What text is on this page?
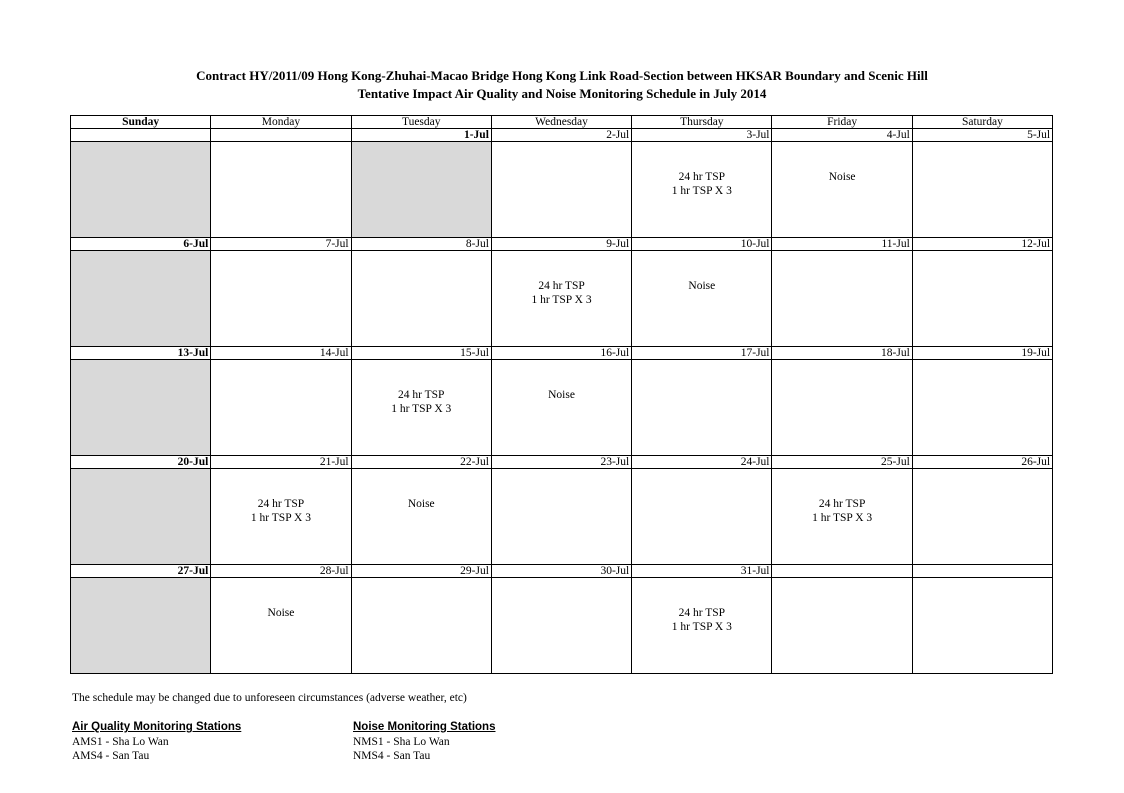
Contract HY/2011/09 Hong Kong-Zhuhai-Macao Bridge Hong Kong Link Road-Section between HKSAR Boundary and Scenic Hill
Tentative Impact Air Quality and Noise Monitoring Schedule in July 2014
Sunday	Monday	Tuesday	Wednesday	Thursday	Friday	Saturday
		1-Jul	2-Jul	3-Jul	4-Jul	5-Jul

				24 hr TSP
1 hr TSP X 3	Noise	

6-Jul	7-Jul	8-Jul	9-Jul	10-Jul	11-Jul	12-Jul

			24 hr TSP
1 hr TSP X 3	Noise		

13-Jul	14-Jul	15-Jul	16-Jul	17-Jul	18-Jul	19-Jul

		24 hr TSP
1 hr TSP X 3	Noise			

20-Jul	21-Jul	22-Jul	23-Jul	24-Jul	25-Jul	26-Jul

	24 hr TSP
1 hr TSP X 3	Noise			24 hr TSP
1 hr TSP X 3	

27-Jul	28-Jul	29-Jul	30-Jul	31-Jul		

	Noise			24 hr TSP
1 hr TSP X 3		

The schedule may be changed due to unforeseen circumstances (adverse weather, etc)
Air Quality Monitoring Stations
AMS1 - Sha Lo Wan
AMS4 - San Tau
Noise Monitoring Stations
NMS1 - Sha Lo Wan
NMS4 - San Tau
